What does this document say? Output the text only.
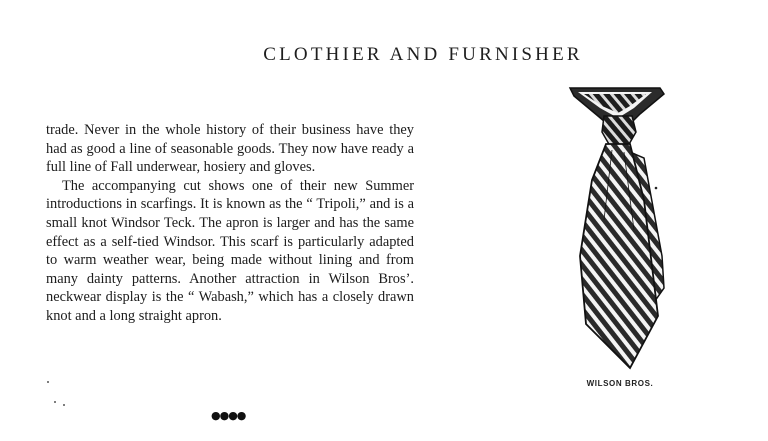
CLOTHIER AND FURNISHER

trade. Never in the whole history of their business have they had as good a line of seasonable goods. They now have ready a full line of Fall underwear, hosiery and gloves.

The accompanying cut shows one of their new Summer introductions in scarfings. It is known as the “ Tripoli,” and is a small knot Windsor Teck. The apron is larger and has the same effect as a self-tied Windsor. This scarf is particularly adapted to warm weather wear, being made without lining and from many dainty patterns. Another attraction in Wilson Bros’. neckwear display is the “ Wabash,” which has a closely drawn knot and a long straight apron.

WILSON BROS.
●●●●
